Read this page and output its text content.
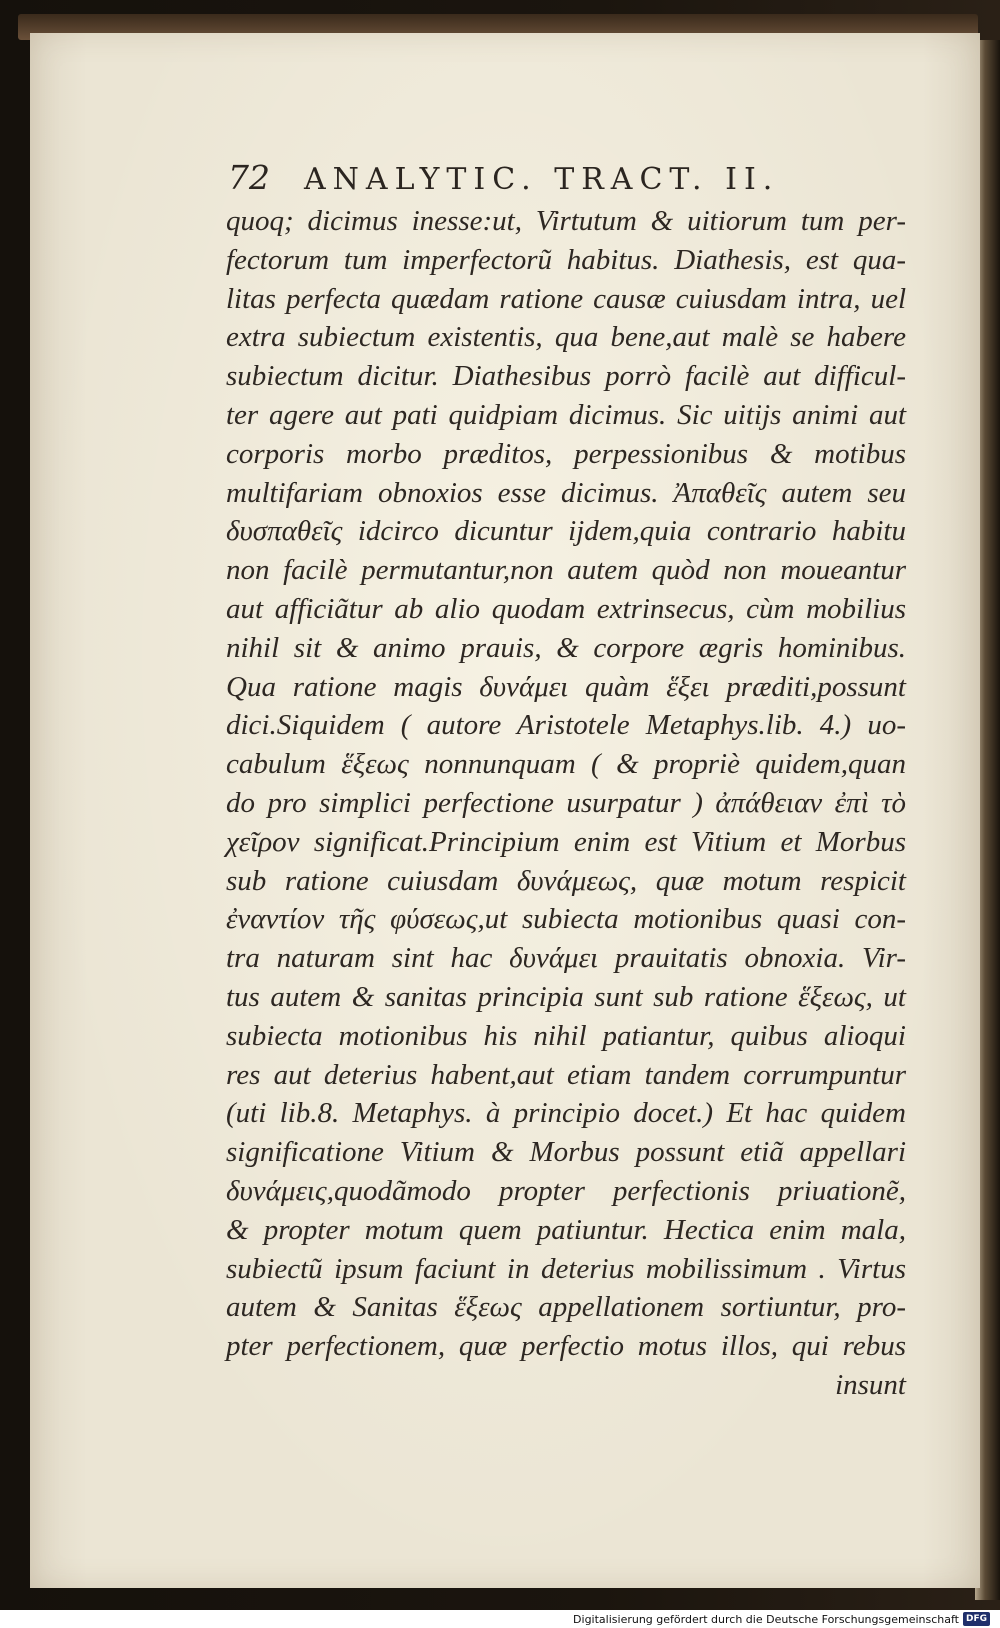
72 ANALYTIC. TRACT. II.
quoq; dicimus inesse:ut, Virtutum & uitiorum tum per-
fectorum tum imperfectorũ habitus. Diathesis, est qua-
litas perfecta quædam ratione causæ cuiusdam intra, uel
extra subiectum existentis, qua bene,aut malè se habere
subiectum dicitur. Diathesibus porrò facilè aut difficul-
ter agere aut pati quidpiam dicimus. Sic uitijs animi aut
corporis morbo præditos, perpessionibus & motibus
multifariam obnoxios esse dicimus. Ἀπαθεῖς autem seu
δυσπαθεῖς idcirco dicuntur ijdem,quia contrario habitu
non facilè permutantur,non autem quòd non moueantur
aut afficiãtur ab alio quodam extrinsecus, cùm mobilius
nihil sit & animo prauis, & corpore ægris hominibus.
Qua ratione magis δυνάμει quàm ἕξει præditi,possunt
dici.Siquidem ( autore Aristotele Metaphys.lib. 4.) uo-
cabulum ἕξεως nonnunquam ( & propriè quidem,quan
do pro simplici perfectione usurpatur ) ἀπάθειαν ἐπὶ τὸ
χεῖρον significat.Principium enim est Vitium et Morbus
sub ratione cuiusdam δυνάμεως, quæ motum respicit
ἐναντίον τῆς φύσεως,ut subiecta motionibus quasi con-
tra naturam sint hac δυνάμει prauitatis obnoxia. Vir-
tus autem & sanitas principia sunt sub ratione ἕξεως, ut
subiecta motionibus his nihil patiantur, quibus alioqui
res aut deterius habent,aut etiam tandem corrumpuntur
(uti lib.8. Metaphys. à principio docet.) Et hac quidem
significatione Vitium & Morbus possunt etiã appellari
δυνάμεις,quodãmodo propter perfectionis priuationẽ,
& propter motum quem patiuntur. Hectica enim mala,
subiectũ ipsum faciunt in deterius mobilissimum . Virtus
autem & Sanitas ἕξεως appellationem sortiuntur, pro-
pter perfectionem, quæ perfectio motus illos, qui rebus
insunt
Digitalisierung gefördert durch die Deutsche Forschungsgemeinschaft DFG
